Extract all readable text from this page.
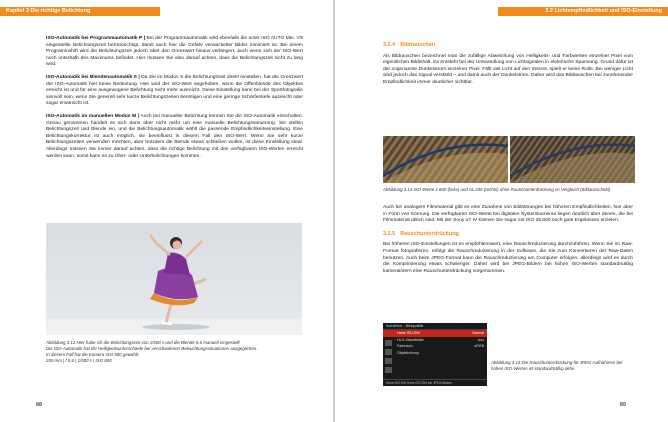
Kapitel 3 Die richtige Belichtung

ISO-Automatik bei Programmautomatik P | Bei der Programmautomatik wird ebenfalls die unter ISO AUTO Min. VS eingestellte Belichtungszeit berücksichtigt, damit auch hier die Gefahr verwackelter Bilder minimiert ist. Bei einem Programmshift wird die Belichtungszeit jedoch über den Grenzwert hinaus verlängert, auch wenn sich der ISO-Wert noch unterhalb des Maximums befindet. Hier müssen Sie also darauf achten, dass die Belichtungszeit nicht zu lang wird.

ISO-Automatik bei Blendenautomatik S | Da Sie im Modus S die Belichtungszeit direkt einstellen, hat der Grenzwert der ISO-Automatik hier keine Bedeutung. Hier wird der ISO-Wert angehoben, wenn die Offenblende des Objektivs erreicht ist und für eine ausgewogene Belichtung nicht mehr ausreicht. Diese Einstellung kann bei der Sportfotografie sinnvoll sein, wenn Sie generell sehr kurze Belichtungszeiten benötigen und eine geringe Schärfentiefe ausreicht oder sogar erwünscht ist.

ISO-Automatik im manuellen Modus M | Auch bei manueller Belichtung können Sie die ISO-Automatik einschalten. Genau genommen handelt es sich dann aber nicht mehr um eine manuelle Belichtungssteuerung. Sie stellen Belichtungszeit und Blende ein, und die Belichtungsautomatik wählt die passende Empfindlichkeitseinstellung. Eine Belichtungskorrektur ist auch möglich, sie beeinflusst in diesem Fall den ISO-Wert. Wenn Sie sehr kurze Belichtungszeiten verwenden möchten, aber trotzdem die Blende etwas schließen wollen, ist diese Einstellung ideal. Allerdings müssen Sie immer darauf achten, dass die richtige Belichtung mit den verfügbaren ISO-Werten erreicht werden kann, sonst kann es zu Über- oder Unterbelichtungen kommen.

Abbildung 3.12 Hier habe ich die Belichtungszeit von 1/500 s und die Blende 5,6 manuell eingestellt.
Die ISO-Automatik hat die Helligkeitsunterschiede bei verschiedenen Beleuchtungssituationen ausgeglichen.
In diesem Fall hat die Kamera ISO 800 gewählt.
200 mm | f 5,6 | 1/500 s | ISO 800
88
3.2 Lichtempfindlichkeit und ISO-Einstellung
3.2.4 Bildrauschen

Als Bildrauschen bezeichnet man die zufällige Abweichung von Helligkeits- und Farbwerten einzelner Pixel vom eigentlichen Bildinhalt. Es entsteht bei der Umwandlung von Lichtsignalen in elektrische Spannung. Grund dafür ist der sogenannte Dunkelstrom einzelner Pixel. Fällt viel Licht auf den Sensor, spielt er keine Rolle. Bei weniger Licht wird jedoch das Signal verstärkt – und damit auch der Dunkelstrom. Daher wird das Bildrauschen bei zunehmender Empfindlichkeit immer deutlicher sichtbar.

Abbildung 3.13 ISO-Werte 1.600 (links) und 51.200 (rechts) ohne Rauschunterdrückung im Vergleich (Bildausschnitt)

Auch bei analogem Filmmaterial gibt es eine Zunahme von Bildstörungen bei höheren Empfindlichkeiten, hier aber in Form von Körnung. Die verfügbaren ISO-Werte bei digitalen Systemkameras liegen deutlich über denen, die bei Filmmaterial üblich sind. Mit der Sony α7 IV können Sie sogar mit ISO 25.600 noch gute Ergebnisse erzielen.

3.2.5 Rauschunterdrückung

Bei höheren ISO-Einstellungen ist es empfehlenswert, eine Rauschreduzierung durchzuführen. Wenn Sie im Raw-Format fotografieren, erfolgt die Rauschreduzierung in der Software, die Sie zum Konvertieren der Raw-Daten benutzen. Auch beim JPEG-Format kann die Rauschreduzierung am Computer erfolgen, allerdings wird es durch die Komprimierung etwas schwieriger. Daher wird bei JPEG-Bildern bei hohen ISO-Werten standardmäßig kameraintern eine Rauschunterdrückung vorgenommen.

Aufnahme - Bildqualität
Hohe ISO-RM	Normal
HLG-Standbilder	Aus
Farbraum	sRGB
Objektivkomp.
Hohe ISO-RM Hohe ISO-RM bei JPEG-Bildern
Abbildung 3.14 Die Rauschunterdrückung für JPEG-Aufnahmen bei hohen ISO-Werten ist standardmäßig aktiv.
89
